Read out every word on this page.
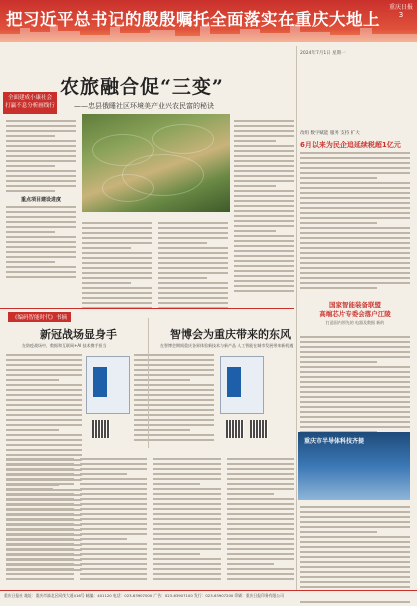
把习近平总书记的殷殷嘱托全面落实在重庆大地上
重庆日报
3
2024年7月1日 星期一
全面建成小康社会
打赢不息分析画线行
农旅融合促“三变”
——忠县俄睡社区环境美产业兴农民富的秘诀
重点项目建设进度
改组 数字赋能 服务 支持 扩大
6月以来为民企追延续税超1亿元
国家智能装备联盟
高端芯片专委会落户江陵
打造国内领先的 电器及数据 新的
重庆市半导体科技齐提
《编码智能时代》书摘
新冠战场显身手	智博会为重庆带来的东风
在防疫战场中，数据和互联网+AI 技术携手担当	在智博会期间重庆各界体验新技术与新产品 人工智能在城市发展带来新机遇
重庆日报社 地址：重庆市渝北区同茂大道416号 邮编：401120 电话：023-63907000 广告：023-63907100 发行：023-63907200 印刷：重庆日报印务有限公司
